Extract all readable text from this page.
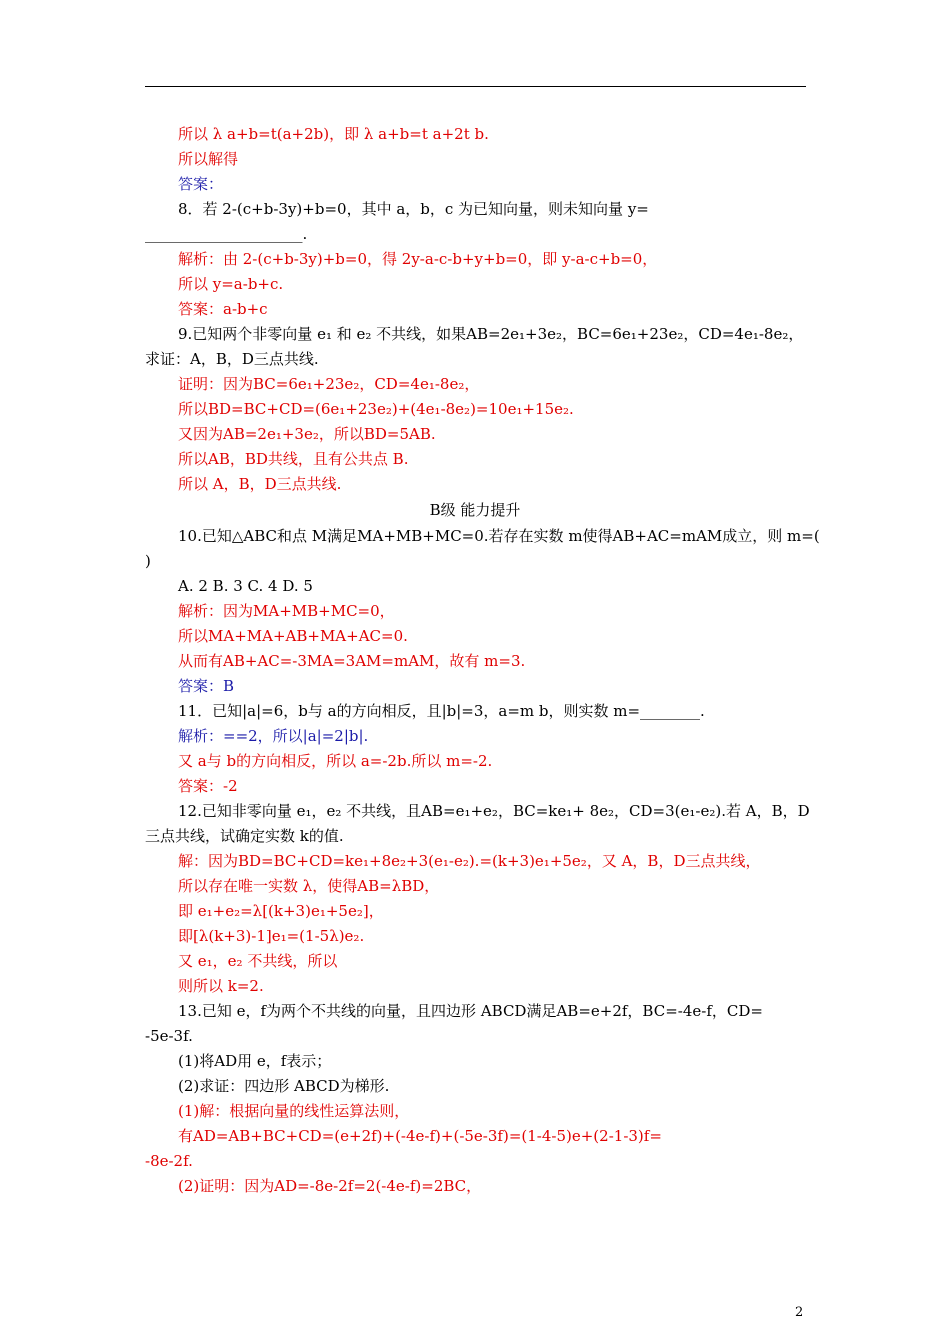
所以 λ a+b=t(a+2b)，即 λ a+b=t a+2t b.
所以解得
答案：
8．若 2-(c+b-3y)+b=0，其中 a，b，c 为已知向量，则未知向量 y=
_____________________.
解析：由 2-(c+b-3y)+b=0，得 2y-a-c-b+y+b=0，即 y-a-c+b=0，
所以 y=a-b+c.
答案：a-b+c
9.已知两个非零向量 e₁ 和 e₂ 不共线，如果AB=2e₁+3e₂，BC=6e₁+23e₂，CD=4e₁-8e₂，
求证：A，B，D三点共线.
证明：因为BC=6e₁+23e₂，CD=4e₁-8e₂，
所以BD=BC+CD=(6e₁+23e₂)+(4e₁-8e₂)=10e₁+15e₂.
又因为AB=2e₁+3e₂，所以BD=5AB.
所以AB，BD共线，且有公共点 B.
所以 A，B，D三点共线.
B级 能力提升
10.已知△ABC和点 M满足MA+MB+MC=0.若存在实数 m使得AB+AC=mAM成立，则 m=(
)
A. 2 B. 3 C. 4 D. 5
解析：因为MA+MB+MC=0，
所以MA+MA+AB+MA+AC=0.
从而有AB+AC=-3MA=3AM=mAM，故有 m=3.
答案：B
11．已知|a|=6，b与 a的方向相反，且|b|=3，a=m b，则实数 m=________.
解析：==2，所以|a|=2|b|.
又 a与 b的方向相反，所以 a=-2b.所以 m=-2.
答案：-2
12.已知非零向量 e₁，e₂ 不共线，且AB=e₁+e₂，BC=ke₁+ 8e₂，CD=3(e₁-e₂).若 A，B，D
三点共线，试确定实数 k的值.
解：因为BD=BC+CD=ke₁+8e₂+3(e₁-e₂).=(k+3)e₁+5e₂，又 A，B，D三点共线，
所以存在唯一实数 λ，使得AB=λBD，
即 e₁+e₂=λ[(k+3)e₁+5e₂]，
即[λ(k+3)-1]e₁=(1-5λ)e₂.
又 e₁，e₂ 不共线，所以
则所以 k=2.
13.已知 e，f为两个不共线的向量，且四边形 ABCD满足AB=e+2f，BC=-4e-f，CD=
-5e-3f.
(1)将AD用 e，f表示；
(2)求证：四边形 ABCD为梯形.
(1)解：根据向量的线性运算法则，
有AD=AB+BC+CD=(e+2f)+(-4e-f)+(-5e-3f)=(1-4-5)e+(2-1-3)f=
-8e-2f.
(2)证明：因为AD=-8e-2f=2(-4e-f)=2BC，
2
